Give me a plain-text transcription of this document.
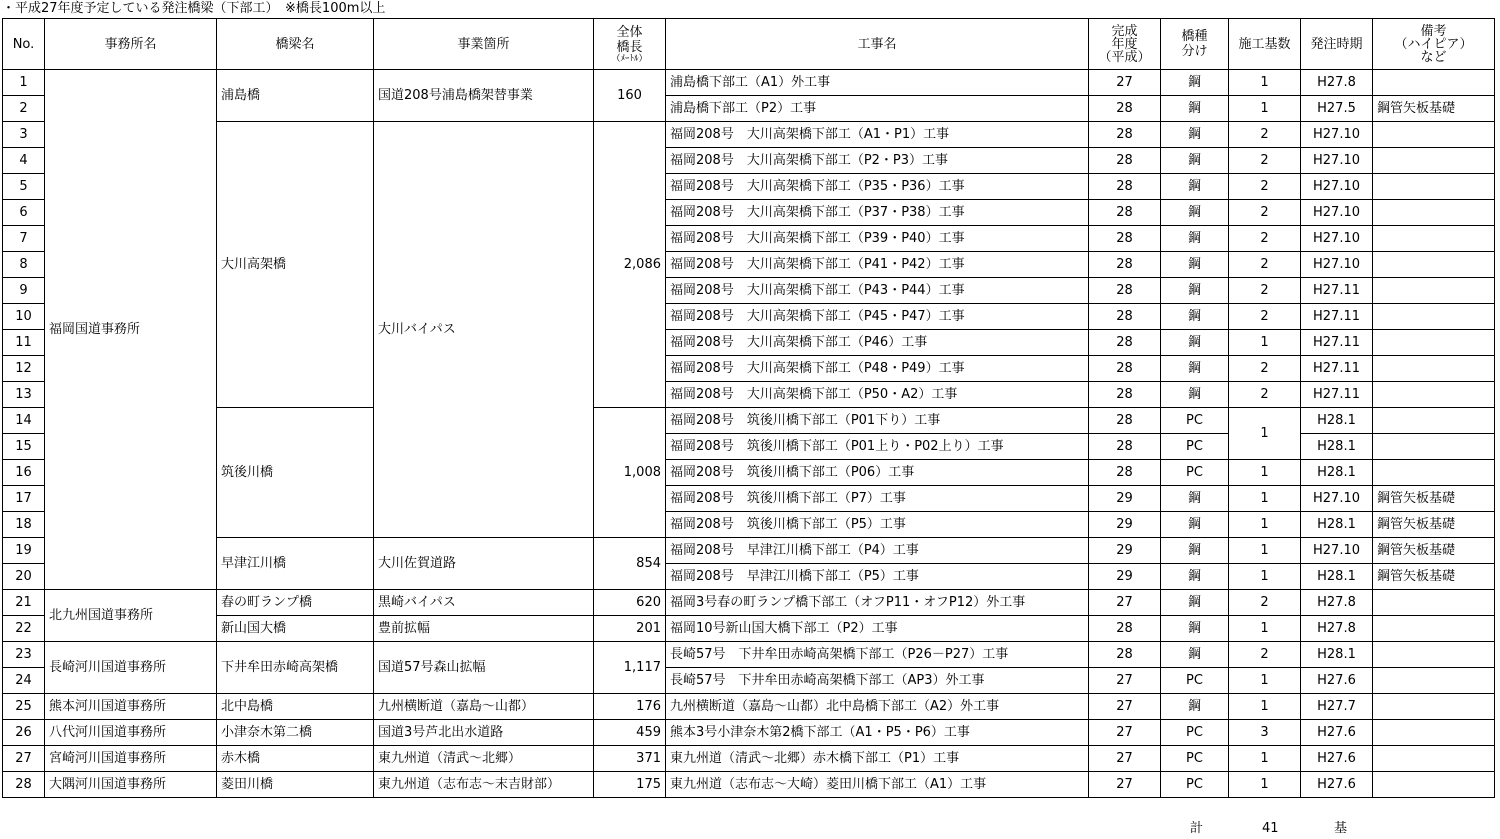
・平成27年度予定している発注橋梁（下部工）　※橋長100m以上
No.	事務所名	橋梁名	事業箇所	全体
橋長
（ﾒｰﾄﾙ）	工事名	完成
年度
（平成）	橋種
分け	施工基数	発注時期	備考
（ハイピア）
など
1	福岡国道事務所	浦島橋	国道208号浦島橋架替事業	160	浦島橋下部工（A1）外工事	27	鋼	1	H27.8	
2					浦島橋下部工（P2）工事	28	鋼	1	H27.5	鋼管矢板基礎
3		大川高架橋	大川バイパス	2,086	福岡208号　大川高架橋下部工（A1・P1）工事	28	鋼	2	H27.10	
4					福岡208号　大川高架橋下部工（P2・P3）工事	28	鋼	2	H27.10	
5					福岡208号　大川高架橋下部工（P35・P36）工事	28	鋼	2	H27.10	
6					福岡208号　大川高架橋下部工（P37・P38）工事	28	鋼	2	H27.10	
7					福岡208号　大川高架橋下部工（P39・P40）工事	28	鋼	2	H27.10	
8					福岡208号　大川高架橋下部工（P41・P42）工事	28	鋼	2	H27.10	
9					福岡208号　大川高架橋下部工（P43・P44）工事	28	鋼	2	H27.11	
10					福岡208号　大川高架橋下部工（P45・P47）工事	28	鋼	2	H27.11	
11					福岡208号　大川高架橋下部工（P46）工事	28	鋼	1	H27.11	
12					福岡208号　大川高架橋下部工（P48・P49）工事	28	鋼	2	H27.11	
13					福岡208号　大川高架橋下部工（P50・A2）工事	28	鋼	2	H27.11	
14		筑後川橋		1,008	福岡208号　筑後川橋下部工（P01下り）工事	28	PC	1	H28.1	
15					福岡208号　筑後川橋下部工（P01上り・P02上り）工事	28	PC		H28.1	
16					福岡208号　筑後川橋下部工（P06）工事	28	PC	1	H28.1	
17					福岡208号　筑後川橋下部工（P7）工事	29	鋼	1	H27.10	鋼管矢板基礎
18					福岡208号　筑後川橋下部工（P5）工事	29	鋼	1	H28.1	鋼管矢板基礎
19		早津江川橋	大川佐賀道路	854	福岡208号　早津江川橋下部工（P4）工事	29	鋼	1	H27.10	鋼管矢板基礎
20					福岡208号　早津江川橋下部工（P5）工事	29	鋼	1	H28.1	鋼管矢板基礎
21	北九州国道事務所	春の町ランプ橋	黒崎バイパス	620	福岡3号春の町ランプ橋下部工（オフP11・オフP12）外工事	27	鋼	2	H27.8	
22		新山国大橋	豊前拡幅	201	福岡10号新山国大橋下部工（P2）工事	28	鋼	1	H27.8	
23	長崎河川国道事務所	下井牟田赤崎高架橋	国道57号森山拡幅	1,117	長崎57号　下井牟田赤崎高架橋下部工（P26－P27）工事	28	鋼	2	H28.1	
24					長崎57号　下井牟田赤崎高架橋下部工（AP3）外工事	27	PC	1	H27.6	
25	熊本河川国道事務所	北中島橋	九州横断道（嘉島～山都）	176	九州横断道（嘉島～山都）北中島橋下部工（A2）外工事	27	鋼	1	H27.7	
26	八代河川国道事務所	小津奈木第二橋	国道3号芦北出水道路	459	熊本3号小津奈木第2橋下部工（A1・P5・P6）工事	27	PC	3	H27.6	
27	宮崎河川国道事務所	赤木橋	東九州道（清武～北郷）	371	東九州道（清武～北郷）赤木橋下部工（P1）工事	27	PC	1	H27.6	
28	大隅河川国道事務所	菱田川橋	東九州道（志布志～末吉財部）	175	東九州道（志布志～大崎）菱田川橋下部工（A1）工事	27	PC	1	H27.6	
計	41	基
